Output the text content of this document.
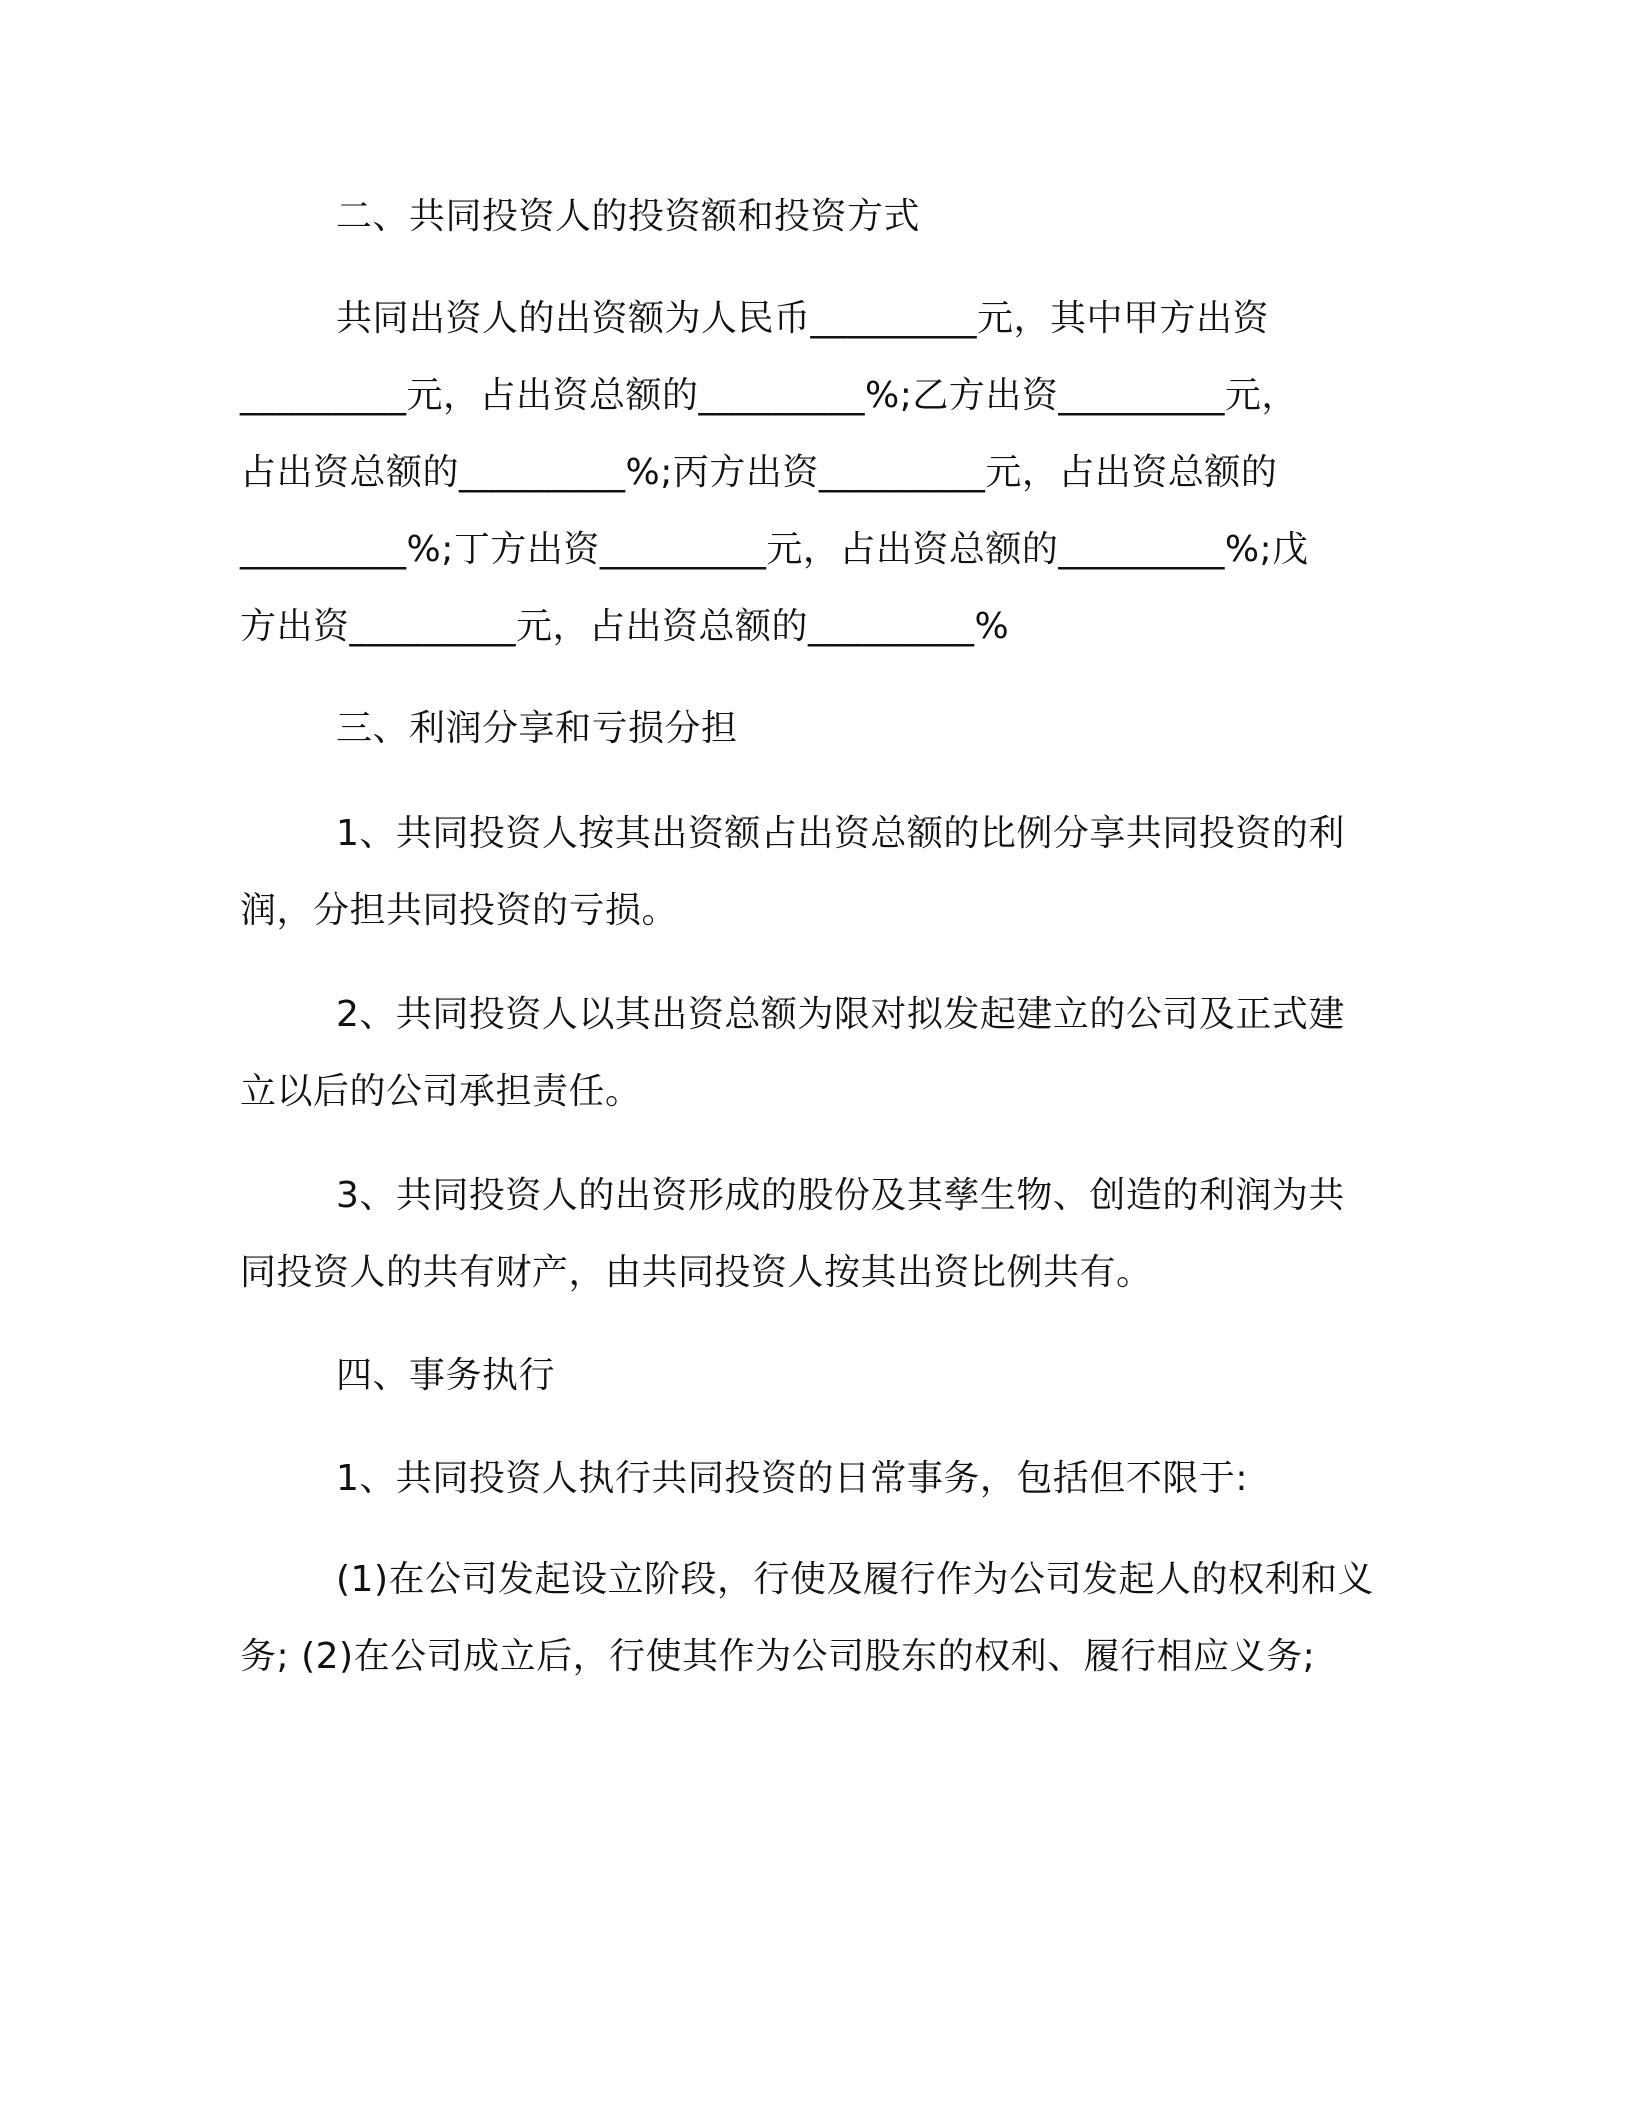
二、共同投资人的投资额和投资方式
共同出资人的出资额为人民币_________元，其中甲方出资
_________元，占出资总额的_________%;乙方出资_________元，
占出资总额的_________%;丙方出资_________元，占出资总额的
_________%;丁方出资_________元，占出资总额的_________%;戊
方出资_________元，占出资总额的_________%
三、利润分享和亏损分担
1、共同投资人按其出资额占出资总额的比例分享共同投资的利
润，分担共同投资的亏损。
2、共同投资人以其出资总额为限对拟发起建立的公司及正式建
立以后的公司承担责任。
3、共同投资人的出资形成的股份及其孳生物、创造的利润为共
同投资人的共有财产，由共同投资人按其出资比例共有。
四、事务执行
1、共同投资人执行共同投资的日常事务，包括但不限于:
(1)在公司发起设立阶段，行使及履行作为公司发起人的权利和义
务; (2)在公司成立后，行使其作为公司股东的权利、履行相应义务;
